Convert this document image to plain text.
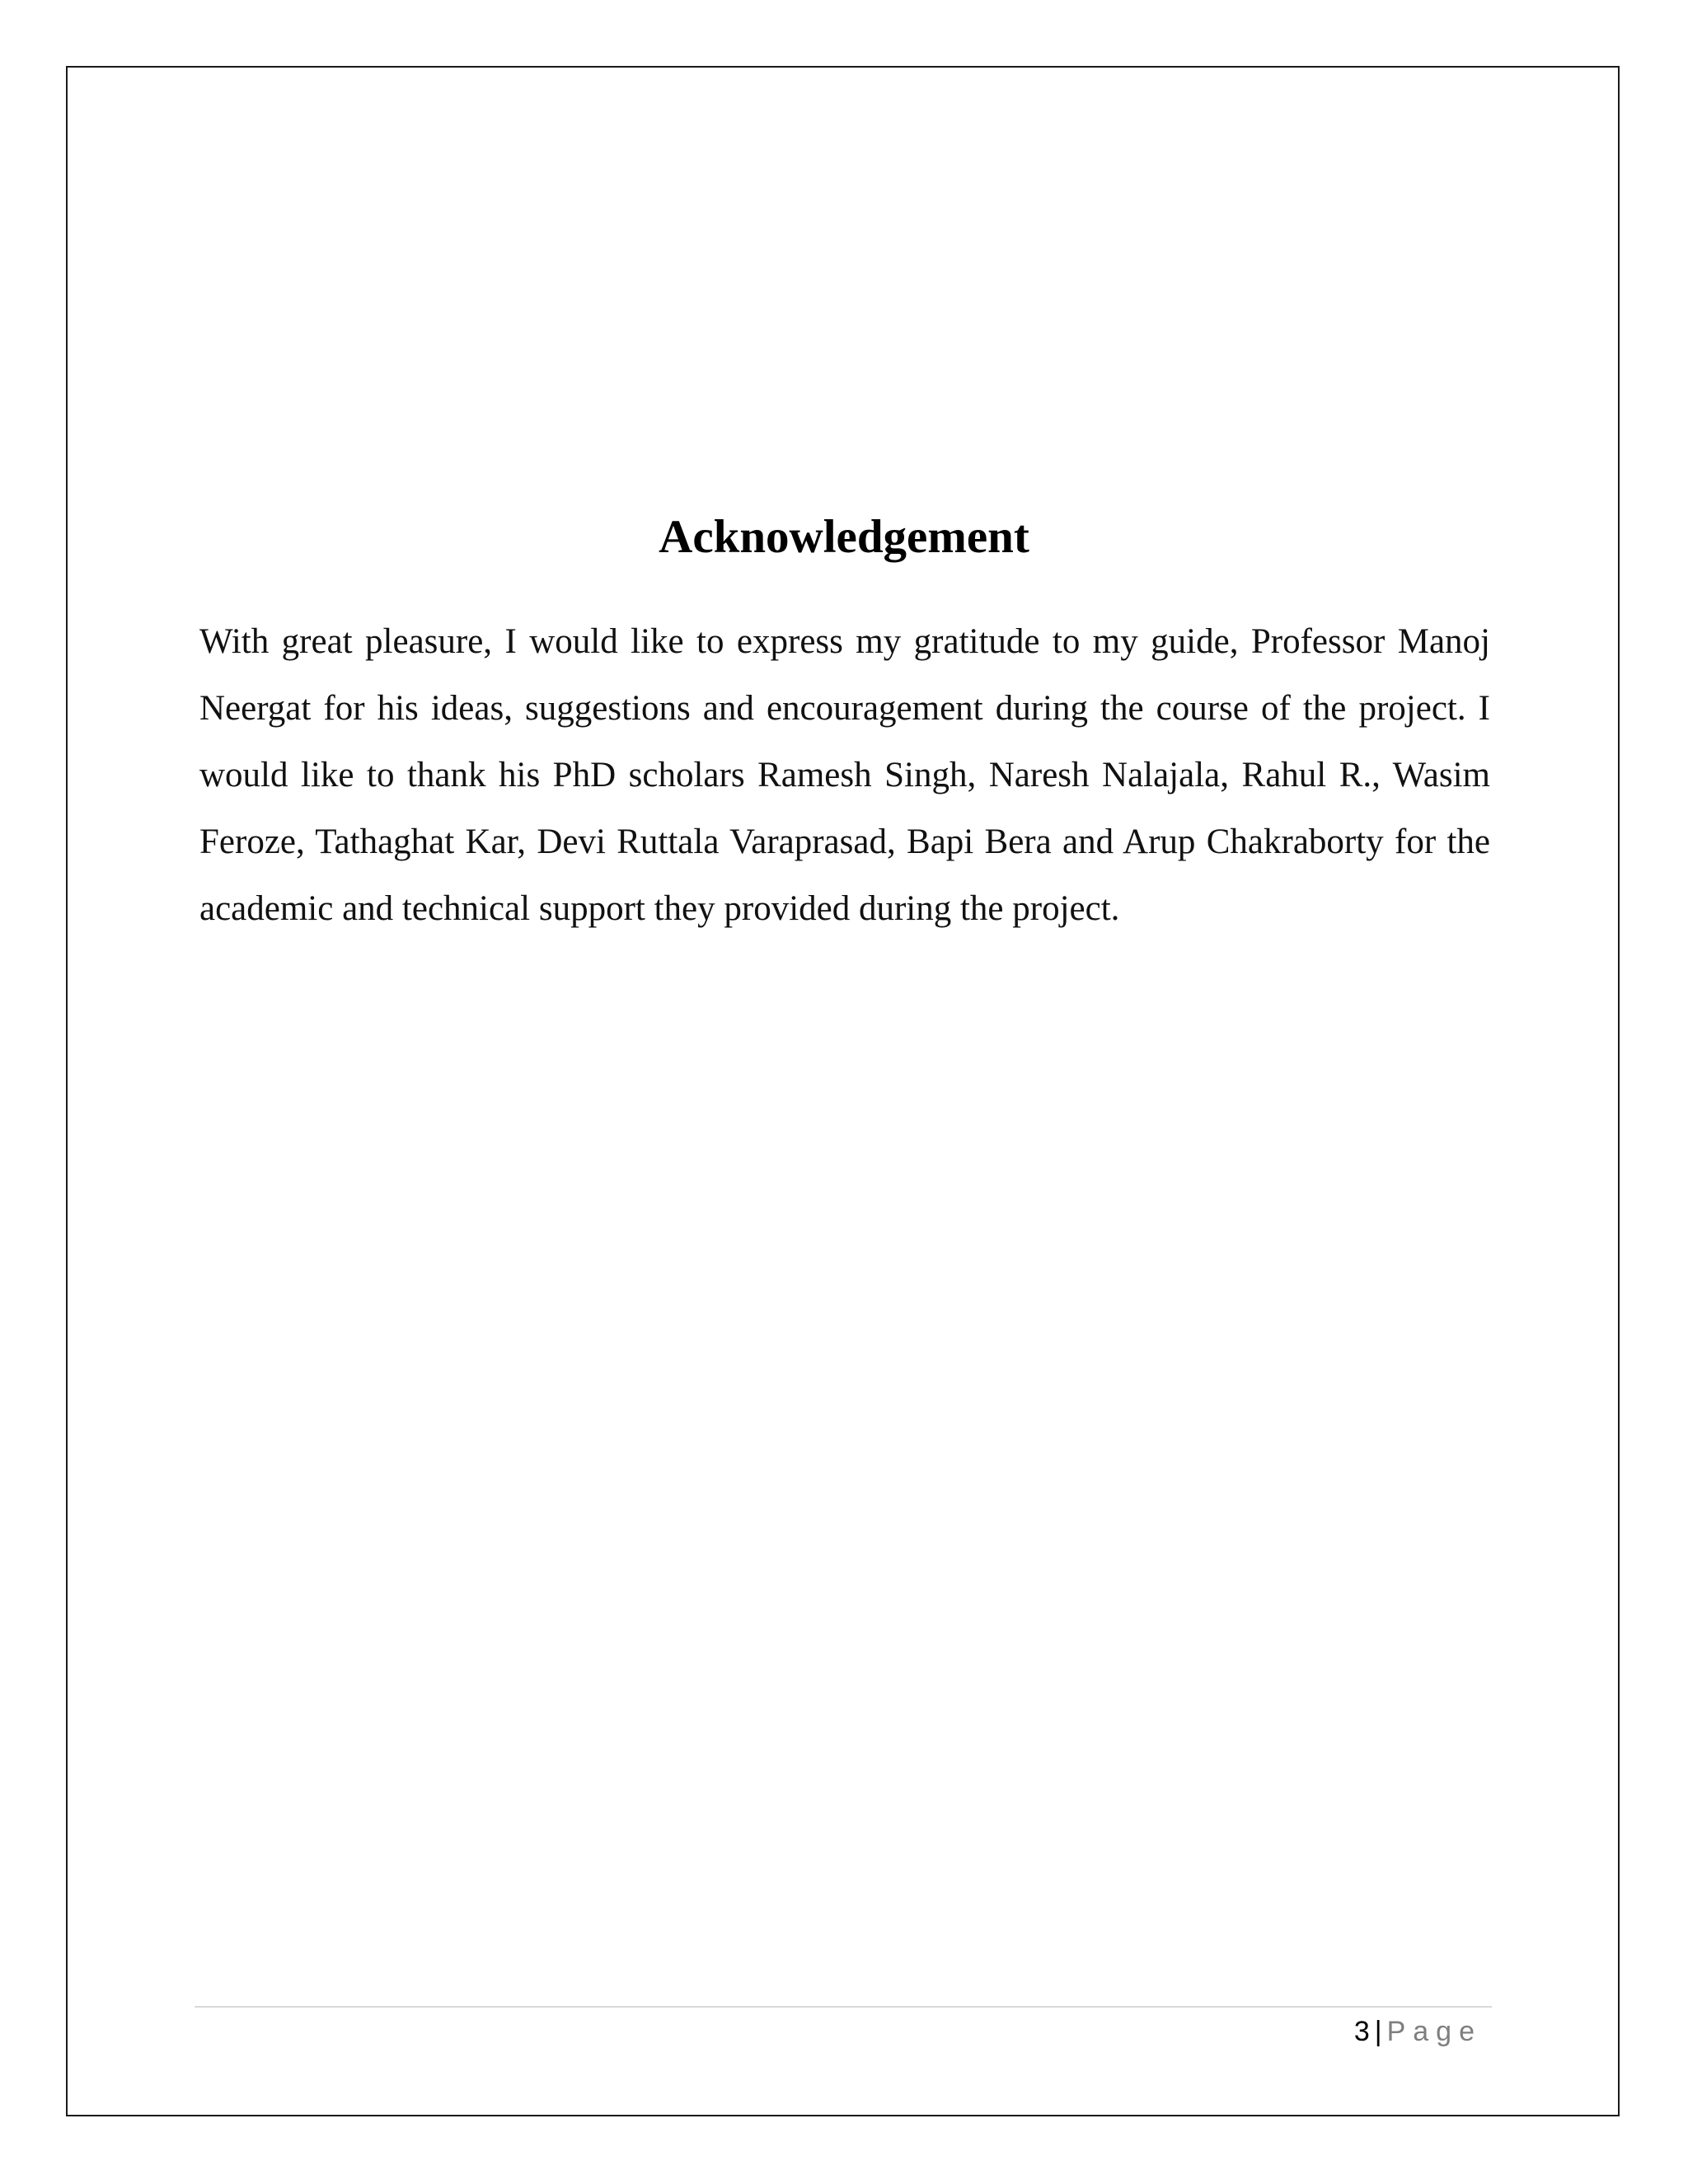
Acknowledgement

With great pleasure, I would like to express my gratitude to my guide, Professor Manoj Neergat for his ideas, suggestions and encouragement during the course of the project. I would like to thank his PhD scholars Ramesh Singh, Naresh Nalajala, Rahul R., Wasim Feroze, Tathaghat Kar, Devi Ruttala Varaprasad, Bapi Bera and Arup Chakraborty for the academic and technical support they provided during the project.

3 | Page
